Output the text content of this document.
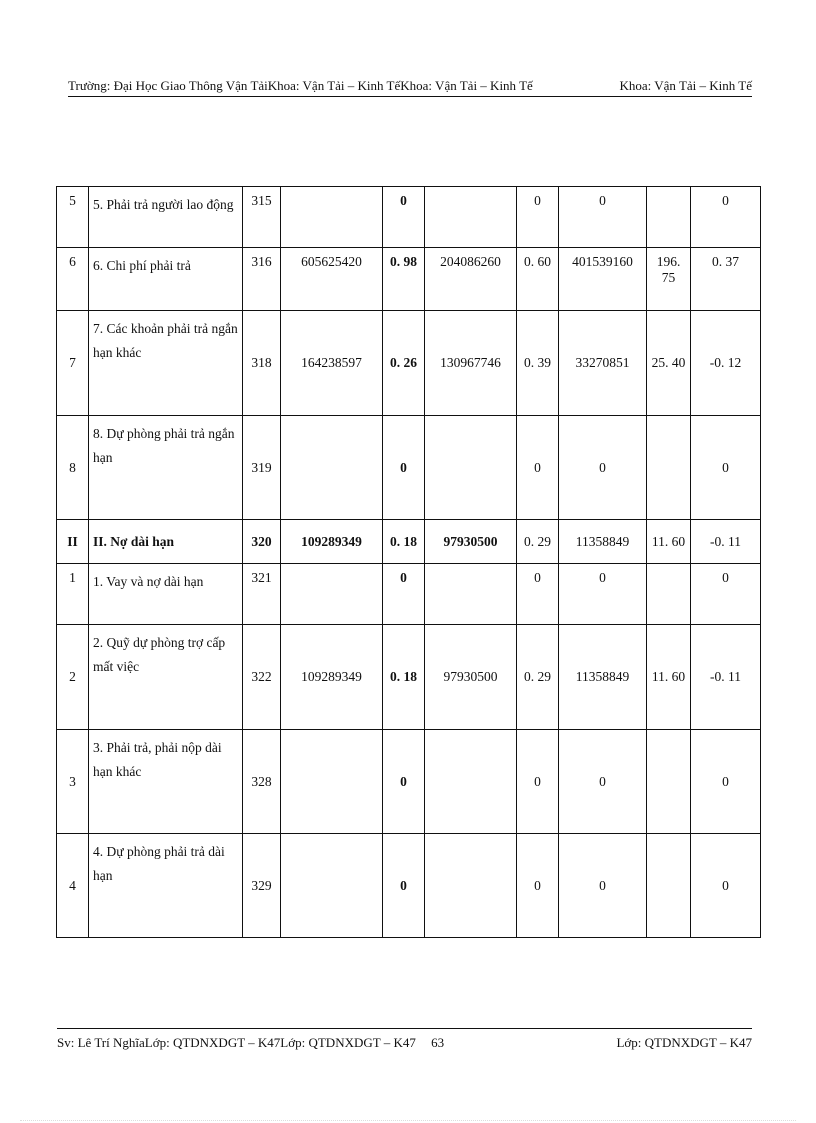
Trường: Đại Học Giao Thông Vận TảiKhoa: Vận Tải – Kinh TếKhoa: Vận Tải – Kinh Tế	Khoa: Vận Tải – Kinh Tế
5	5. Phải trả người lao động	315		0		0	0		0
6	6. Chi phí phải trả	316	605625420	0. 98	204086260	0. 60	401539160	196. 75	0. 37
7	7. Các khoản phải trả ngắn hạn khác	318	164238597	0. 26	130967746	0. 39	33270851	25. 40	-0. 12
8	8. Dự phòng phải trả ngắn hạn	319		0		0	0		0
II	II. Nợ dài hạn	320	109289349	0. 18	97930500	0. 29	11358849	11. 60	-0. 11
1	1. Vay và nợ dài hạn	321		0		0	0		0
2	2. Quỹ dự phòng trợ cấp mất việc	322	109289349	0. 18	97930500	0. 29	11358849	11. 60	-0. 11
3	3. Phải trả, phải nộp dài hạn khác	328		0		0	0		0
4	4. Dự phòng phải trả dài hạn	329		0		0	0		0
Sv: Lê Trí NghĩaLớp: QTDNXDGT – K47Lớp: QTDNXDGT – K47 63	Lớp: QTDNXDGT – K47
